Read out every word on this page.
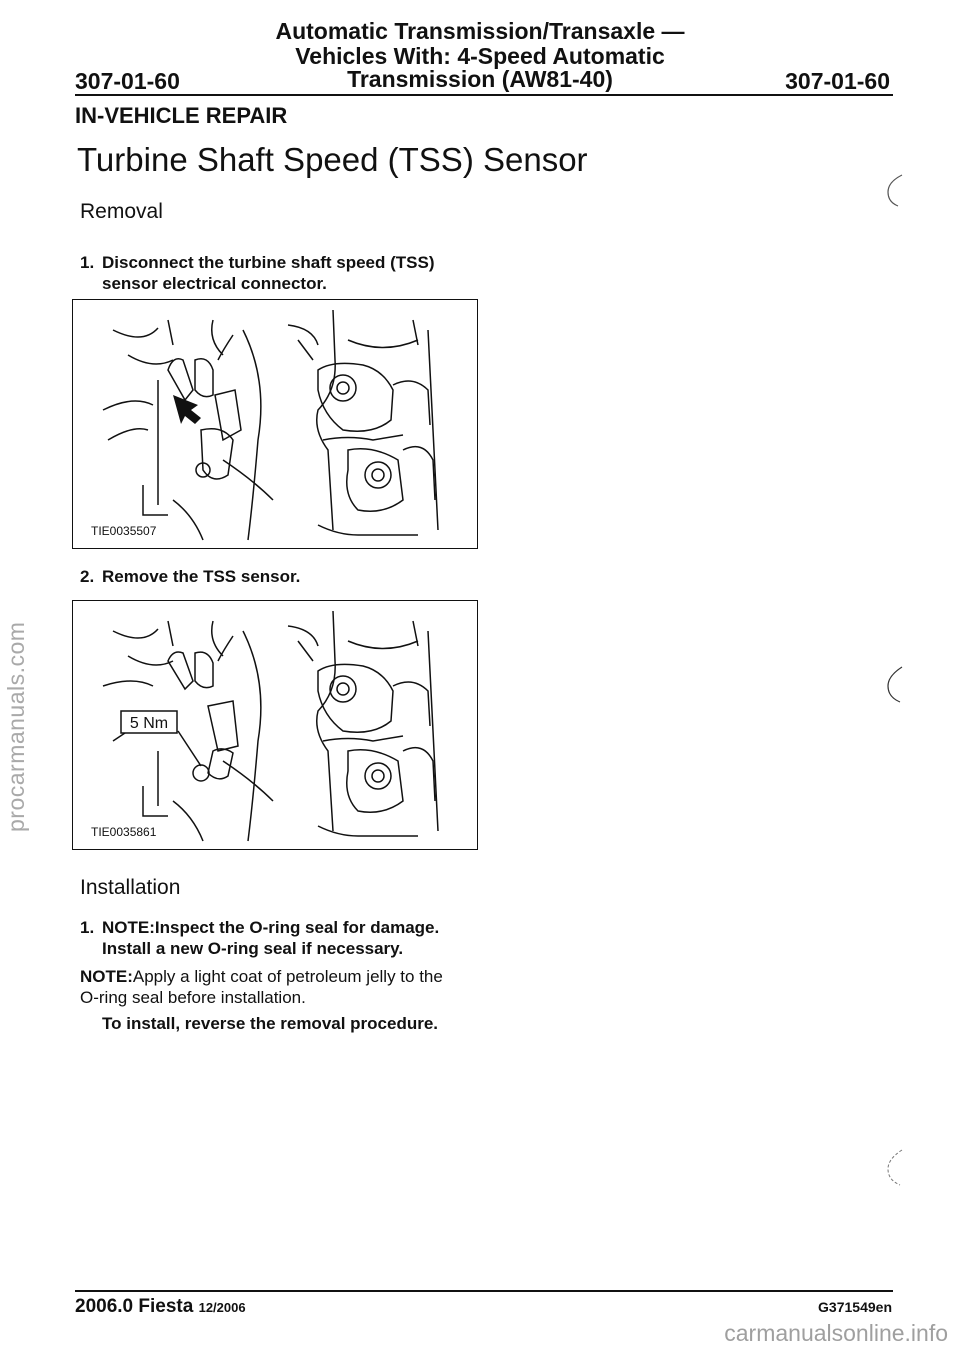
Automatic Transmission/Transaxle —
Vehicles With: 4-Speed Automatic
Transmission (AW81-40)
307-01-60	307-01-60
IN-VEHICLE REPAIR
Turbine Shaft Speed (TSS) Sensor
Removal
1. Disconnect the turbine shaft speed (TSS)
sensor electrical connector.
TIE0035507
2. Remove the TSS sensor.
5 Nm
TIE0035861
Installation
1. NOTE:Inspect the O-ring seal for damage.
Install a new O-ring seal if necessary.
NOTE:Apply a light coat of petroleum jelly to the O-ring seal before installation.
To install, reverse the removal procedure.
2006.0 Fiesta 12/2006	G371549en
procarmanuals.com
carmanualsonline.info
